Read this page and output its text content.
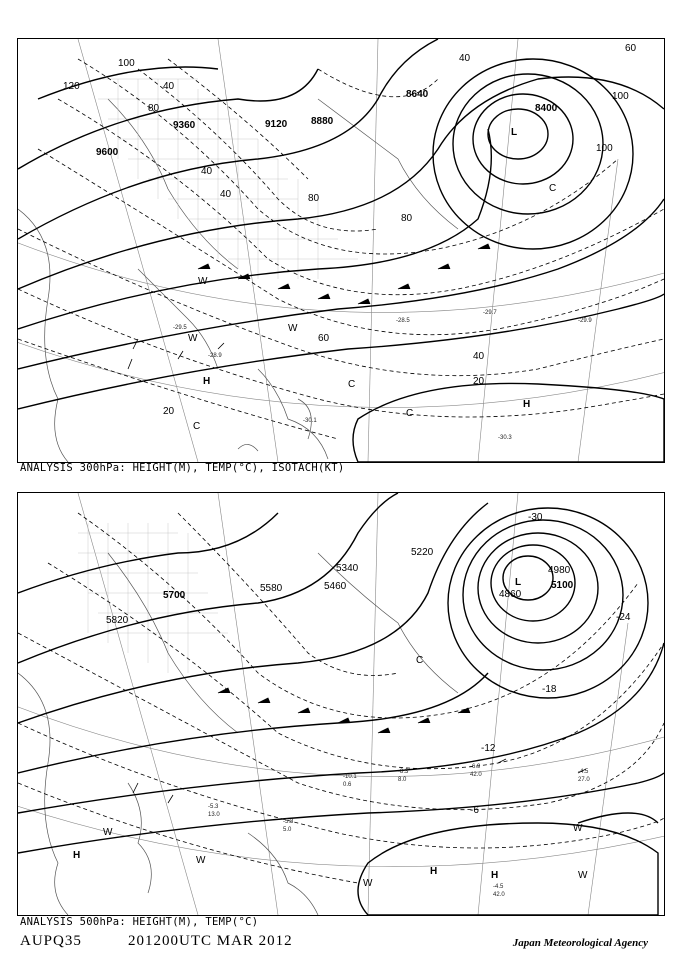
9600
9360	9120 8880
8640
8400
120
100
80
40
40
40
40
80
100
60
40
20
20
100
60
80
-28.9
-29.5
-30.1
-29.7
-29.9
-30.3
-28.5
H
H
L
W
W
W
C
C
C
C
ANALYSIS 300hPa: HEIGHT(M), TEMP(°C), ISOTACH(KT)
5820
5700
5580	5460
5340
5220
5100
4980
4860
-30
-24
-18
-12
-6
-4.5
42.0
-5.3
13.0
-4.5
27.0
-8.3
8.0
-10.1
0.6
-5.3
5.0
-6.9
42.0
H
H	H
L
W
W
W
W
W
C
ANALYSIS 500hPa: HEIGHT(M), TEMP(°C)
AUPQ35	201200UTC MAR 2012	Japan Meteorological Agency
